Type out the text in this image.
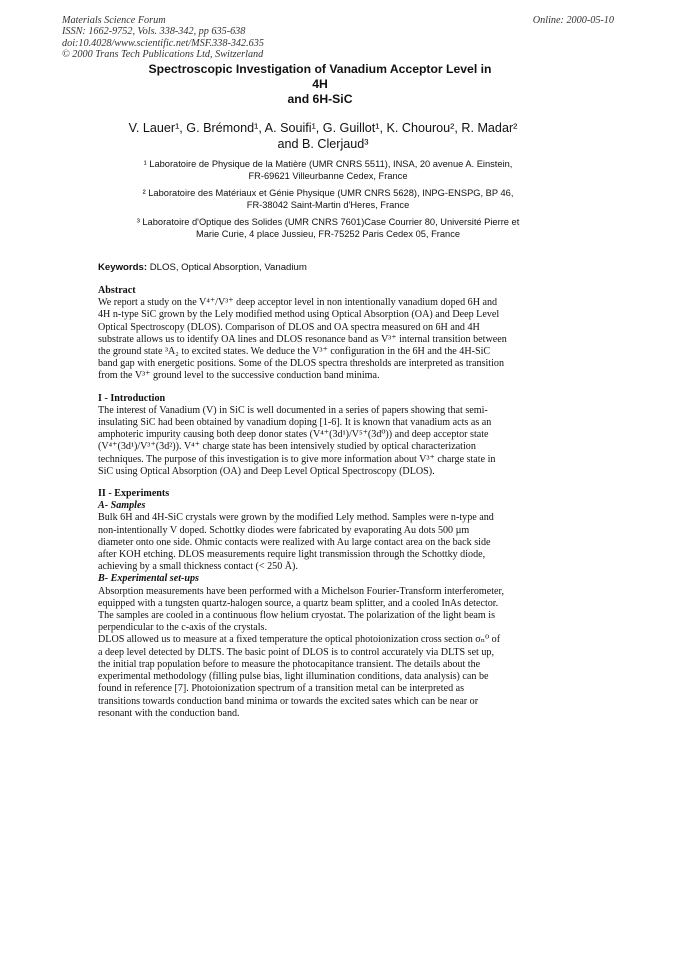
Materials Science Forum
ISSN: 1662-9752, Vols. 338-342, pp 635-638
doi:10.4028/www.scientific.net/MSF.338-342.635
© 2000 Trans Tech Publications Ltd, Switzerland
Online: 2000-05-10
Spectroscopic Investigation of Vanadium Acceptor Level in
4H
and 6H-SiC
V. Lauer¹, G. Brémond¹, A. Souifi¹, G. Guillot¹, K. Chourou², R. Madar²
and B. Clerjaud³
¹ Laboratoire de Physique de la Matière (UMR CNRS 5511), INSA, 20 avenue A. Einstein,
FR-69621 Villeurbanne Cedex, France
² Laboratoire des Matériaux et Génie Physique (UMR CNRS 5628), INPG-ENSPG, BP 46,
FR-38042 Saint-Martin d'Heres, France
³ Laboratoire d'Optique des Solides (UMR CNRS 7601)Case Courrier 80, Université Pierre et
Marie Curie, 4 place Jussieu, FR-75252 Paris Cedex 05, France
Keywords: DLOS, Optical Absorption, Vanadium
Abstract
We report a study on the V⁴⁺/V³⁺ deep acceptor level in non intentionally vanadium doped 6H and
4H n-type SiC grown by the Lely modified method using Optical Absorption (OA) and Deep Level
Optical Spectroscopy (DLOS). Comparison of DLOS and OA spectra measured on 6H and 4H
substrate allows us to identify OA lines and DLOS resonance band as V³⁺ internal transition between
the ground state ³A₂ to excited states. We deduce the V³⁺ configuration in the 6H and the 4H-SiC
band gap with energetic positions. Some of the DLOS spectra thresholds are interpreted as transition
from the V³⁺ ground level to the successive conduction band minima.
I - Introduction
The interest of Vanadium (V) in SiC is well documented in a series of papers showing that semi-
insulating SiC had been obtained by vanadium doping [1-6]. It is known that vanadium acts as an
amphoteric impurity causing both deep donor states (V⁴⁺(3d¹)/V⁵⁺(3d⁰)) and deep acceptor state
(V⁴⁺(3d¹)/V³⁺(3d²)). V⁴⁺ charge state has been intensively studied by optical characterization
techniques. The purpose of this investigation is to give more information about V³⁺ charge state in
SiC using Optical Absorption (OA) and Deep Level Optical Spectroscopy (DLOS).
II - Experiments
A- Samples
Bulk 6H and 4H-SiC crystals were grown by the modified Lely method. Samples were n-type and
non-intentionally V doped. Schottky diodes were fabricated by evaporating Au dots 500 µm
diameter onto one side. Ohmic contacts were realized with Au large contact area on the back side
after KOH etching. DLOS measurements require light transmission through the Schottky diode,
achieving by a small thickness contact (< 250 Å).
B- Experimental set-ups
Absorption measurements have been performed with a Michelson Fourier-Transform interferometer,
equipped with a tungsten quartz-halogen source, a quartz beam splitter, and a cooled InAs detector.
The samples are cooled in a continuous flow helium cryostat. The polarization of the light beam is
perpendicular to the c-axis of the crystals.
DLOS allowed us to measure at a fixed temperature the optical photoionization cross section σₙ⁰ of
a deep level detected by DLTS. The basic point of DLOS is to control accurately via DLTS set up,
the initial trap population before to measure the photocapitance transient. The details about the
experimental methodology (filling pulse bias, light illumination conditions, data analysis) can be
found in reference [7]. Photoionization spectrum of a transition metal can be interpreted as
transitions towards conduction band minima or towards the excited sates which can be near or
resonant with the conduction band.
